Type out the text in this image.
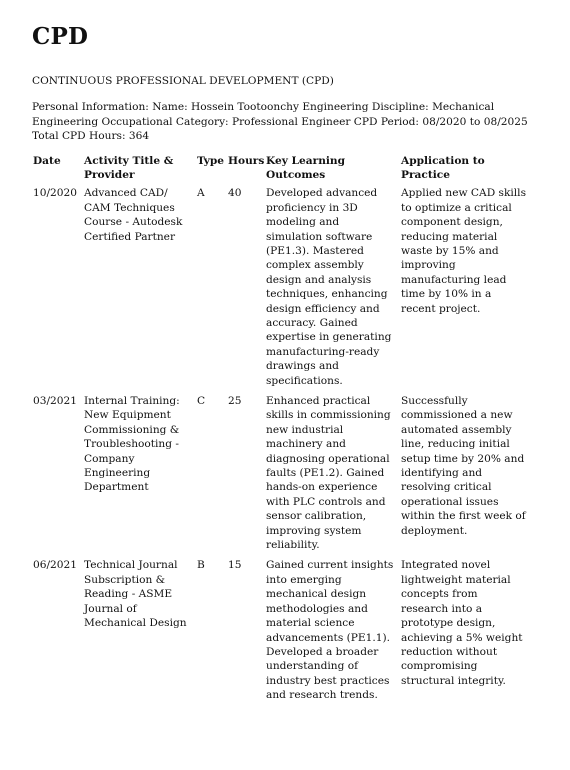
CPD

CONTINUOUS PROFESSIONAL DEVELOPMENT (CPD)

Personal Information: Name: Hossein Tootoonchy Engineering Discipline: Mechanical Engineering Occupational Category: Professional Engineer CPD Period: 08/2020 to 08/2025 Total CPD Hours: 364

Date	Activity Title & Provider	Type	Hours	Key Learning Outcomes	Application to Practice
10/2020	Advanced CAD/ CAM Techniques Course - Autodesk Certified Partner	A	40	Developed advanced proficiency in 3D modeling and simulation software (PE1.3). Mastered complex assembly design and analysis techniques, enhancing design efficiency and accuracy. Gained expertise in generating manufacturing-ready drawings and specifications.	Applied new CAD skills to optimize a critical component design, reducing material waste by 15% and improving manufacturing lead time by 10% in a recent project.
03/2021	Internal Training: New Equipment Commissioning & Troubleshooting - Company Engineering Department	C	25	Enhanced practical skills in commissioning new industrial machinery and diagnosing operational faults (PE1.2). Gained hands-on experience with PLC controls and sensor calibration, improving system reliability.	Successfully commissioned a new automated assembly line, reducing initial setup time by 20% and identifying and resolving critical operational issues within the first week of deployment.
06/2021	Technical Journal Subscription & Reading - ASME Journal of Mechanical Design	B	15	Gained current insights into emerging mechanical design methodologies and material science advancements (PE1.1). Developed a broader understanding of industry best practices and research trends.	Integrated novel lightweight material concepts from research into a prototype design, achieving a 5% weight reduction without compromising structural integrity.
